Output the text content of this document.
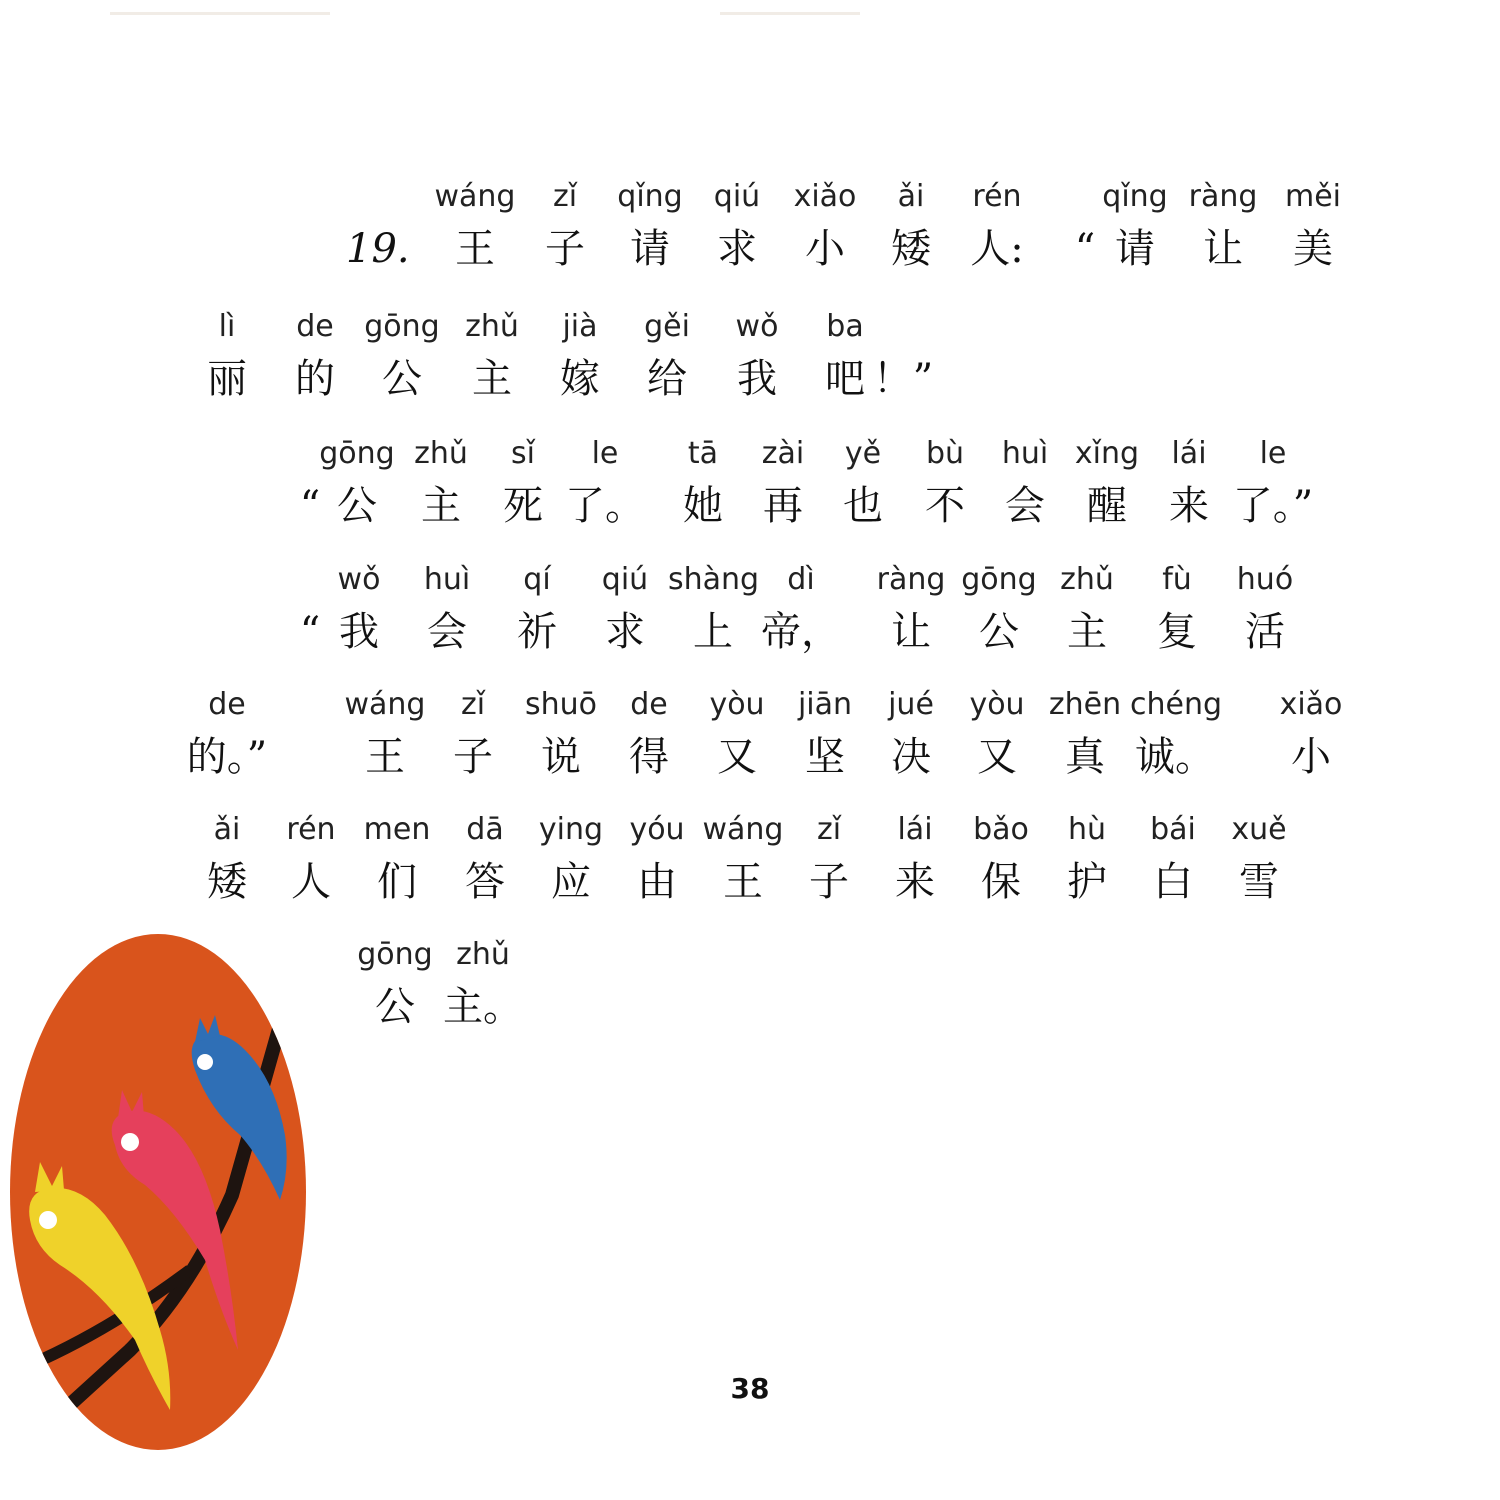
19.
wáng
王
zǐ
子
qǐng
请
qiú
求
xiǎo
小
ǎi
矮
rén
人:	“
qǐng
请
ràng
让
měi
美
lì
丽
de
的
gōng
公
zhǔ
主
jià
嫁
gěi
给
wǒ
我
ba
吧 ！”
“
gōng
公
zhǔ
主
sǐ
死
le
了。
tā
她
zài
再
yě
也
bù
不
huì
会
xǐng
醒
lái
来
le
了。”
“
wǒ
我
huì
会
qí
祈
qiú
求
shàng
上
dì
帝，
ràng
让
gōng
公
zhǔ
主
fù
复
huó
活
de
的。”
wáng
王
zǐ
子
shuō
说
de
得
yòu
又
jiān
坚
jué
决
yòu
又
zhēn
真
chéng
诚。
xiǎo
小
ǎi
矮
rén
人
men
们
dā
答
ying
应
yóu
由
wáng
王
zǐ
子
lái
来
bǎo
保
hù
护
bái
白
xuě
雪
gōng
公
zhǔ
主。
38
